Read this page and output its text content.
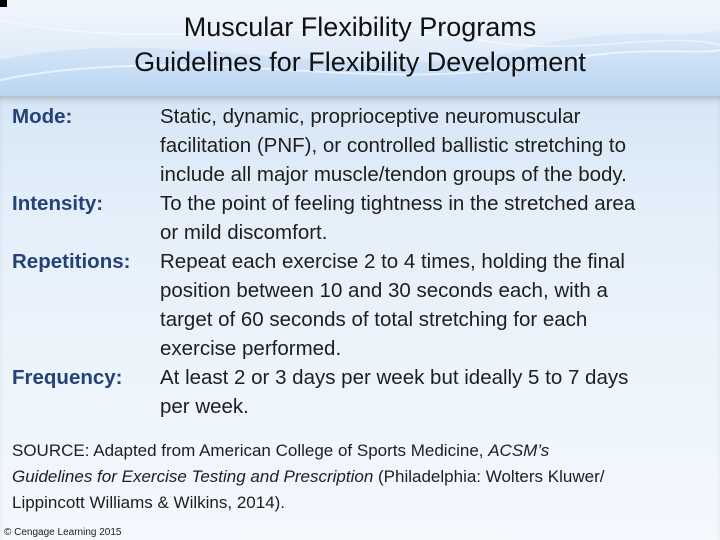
Muscular Flexibility Programs
Guidelines for Flexibility Development
Mode:	Static, dynamic, proprioceptive neuromuscular
facilitation (PNF), or controlled ballistic stretching to
include all major muscle/tendon groups of the body.
Intensity:	To the point of feeling tightness in the stretched area
or mild discomfort.
Repetitions: Repeat each exercise 2 to 4 times, holding the final
position between 10 and 30 seconds each, with a
target of 60 seconds of total stretching for each
exercise performed.
Frequency: At least 2 or 3 days per week but ideally 5 to 7 days
per week.
SOURCE: Adapted from American College of Sports Medicine, ACSM’s
Guidelines for Exercise Testing and Prescription (Philadelphia: Wolters Kluwer/
Lippincott Williams & Wilkins, 2014).
© Cengage Learning 2015
